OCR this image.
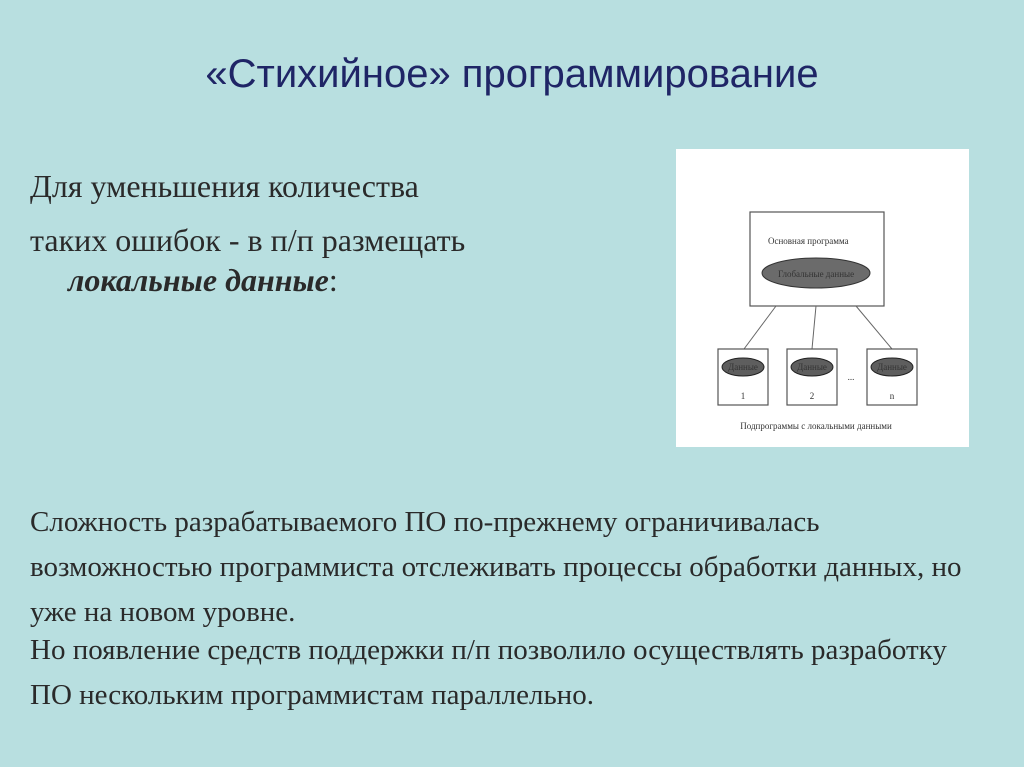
«Стихийное» программирование
Для уменьшения количества
таких ошибок - в п/п размещать
локальные данные:
Основная программа
Глобальные данные
Данные
1
Данные
2
...
Данные
n
Подпрограммы с локальными данными
Сложность разрабатываемого ПО по-прежнему ограничивалась возможностью программиста отслеживать процессы обработки данных, но уже на новом уровне.
Но появление средств поддержки п/п позволило осуществлять разработку ПО нескольким программистам параллельно.
